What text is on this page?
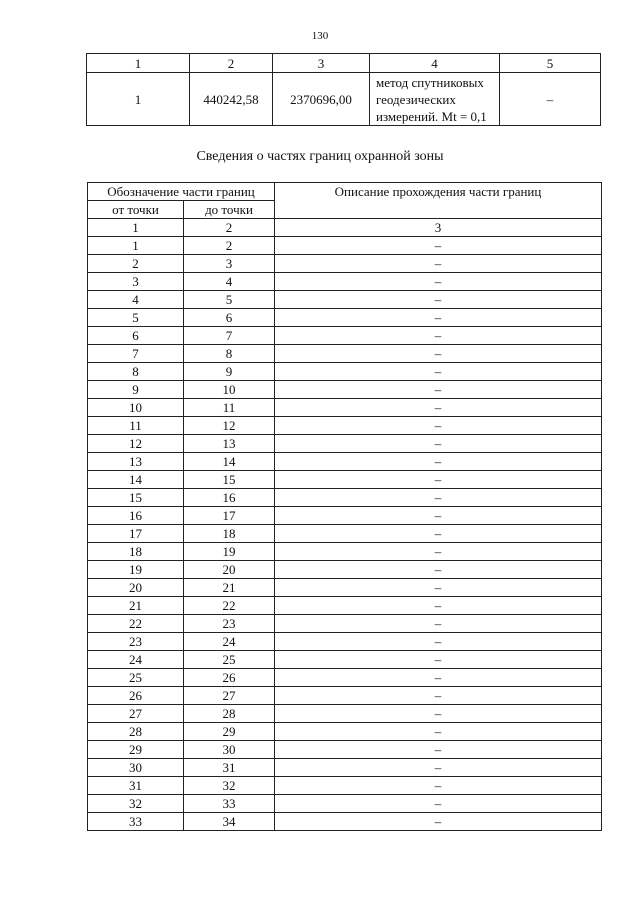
130
1	2	3	4	5
1	440242,58	2370696,00	метод спутниковых геодезических измерений. Mt = 0,1	–
Сведения о частях границ охранной зоны
Обозначение части границ		Описание прохождения части границ
от точки	до точки	
1	2	3
1	2	–
2	3	–
3	4	–
4	5	–
5	6	–
6	7	–
7	8	–
8	9	–
9	10	–
10	11	–
11	12	–
12	13	–
13	14	–
14	15	–
15	16	–
16	17	–
17	18	–
18	19	–
19	20	–
20	21	–
21	22	–
22	23	–
23	24	–
24	25	–
25	26	–
26	27	–
27	28	–
28	29	–
29	30	–
30	31	–
31	32	–
32	33	–
33	34	–
